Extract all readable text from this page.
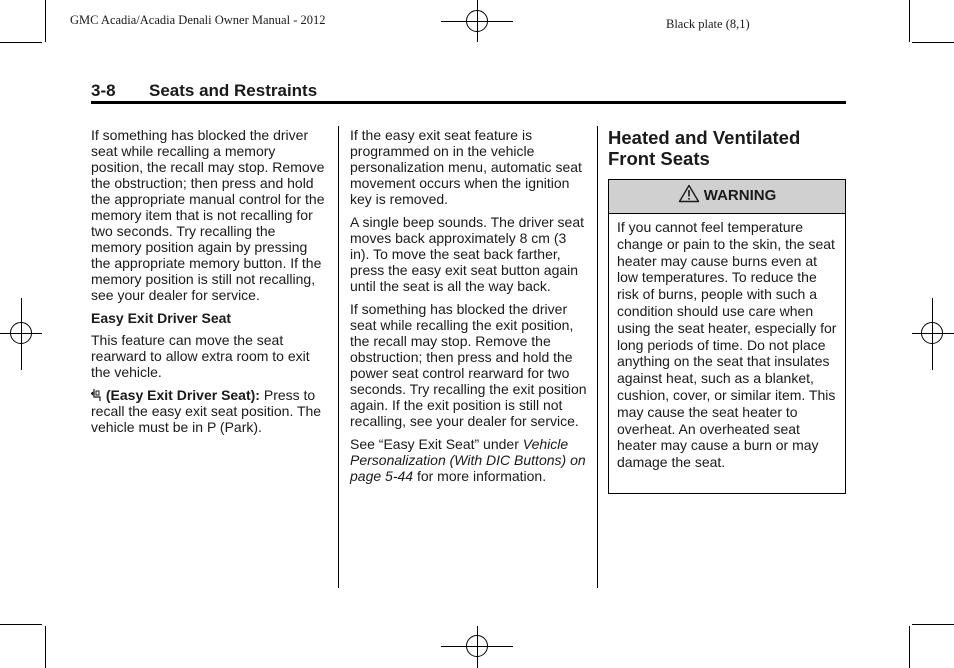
GMC Acadia/Acadia Denali Owner Manual - 2012	Black plate (8,1)
3-8 Seats and Restraints

If something has blocked the driver seat while recalling a memory position, the recall may stop. Remove the obstruction; then press and hold the appropriate manual control for the memory item that is not recalling for two seconds. Try recalling the memory position again by pressing the appropriate memory button. If the memory position is still not recalling, see your dealer for service.

Easy Exit Driver Seat

This feature can move the seat rearward to allow extra room to exit the vehicle.

(Easy Exit Driver Seat): Press to recall the easy exit seat position. The vehicle must be in P (Park).

If the easy exit seat feature is programmed on in the vehicle personalization menu, automatic seat movement occurs when the ignition key is removed.

A single beep sounds. The driver seat moves back approximately 8 cm (3 in). To move the seat back farther, press the easy exit seat button again until the seat is all the way back.

If something has blocked the driver seat while recalling the exit position, the recall may stop. Remove the obstruction; then press and hold the power seat control rearward for two seconds. Try recalling the exit position again. If the exit position is still not recalling, see your dealer for service.

See “Easy Exit Seat” under Vehicle Personalization (With DIC Buttons) on page 5-44 for more information.

Heated and Ventilated
Front Seats
WARNING
If you cannot feel temperature change or pain to the skin, the seat heater may cause burns even at low temperatures. To reduce the risk of burns, people with such a condition should use care when using the seat heater, especially for long periods of time. Do not place anything on the seat that insulates against heat, such as a blanket, cushion, cover, or similar item. This may cause the seat heater to overheat. An overheated seat heater may cause a burn or may damage the seat.
